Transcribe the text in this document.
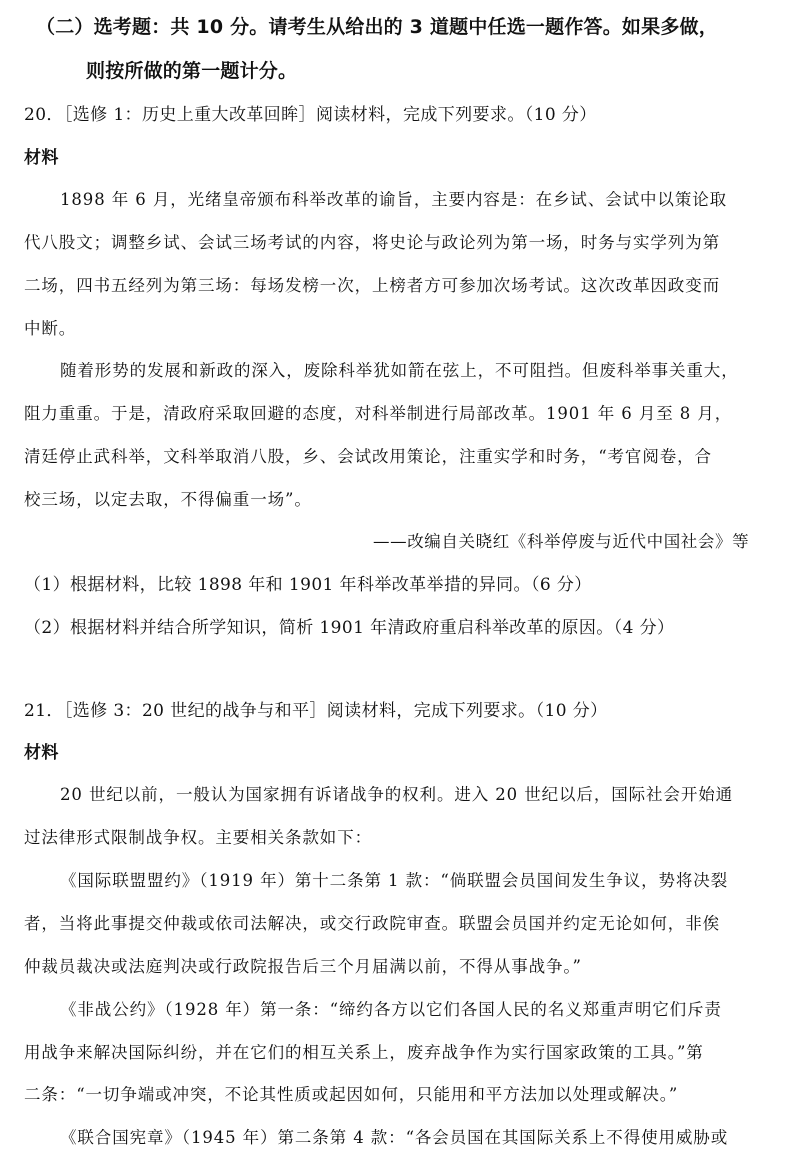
（二）选考题：共 10 分。请考生从给出的 3 道题中任选一题作答。如果多做，
则按所做的第一题计分。
20．［选修 1：历史上重大改革回眸］阅读材料，完成下列要求。（10 分）
材料
1898 年 6 月，光绪皇帝颁布科举改革的谕旨，主要内容是：在乡试、会试中以策论取
代八股文；调整乡试、会试三场考试的内容，将史论与政论列为第一场，时务与实学列为第
二场，四书五经列为第三场：每场发榜一次，上榜者方可参加次场考试。这次改革因政变而
中断。
随着形势的发展和新政的深入，废除科举犹如箭在弦上，不可阻挡。但废科举事关重大，
阻力重重。于是，清政府采取回避的态度，对科举制进行局部改革。1901 年 6 月至 8 月，
清廷停止武科举，文科举取消八股，乡、会试改用策论，注重实学和时务，“考官阅卷，合
校三场，以定去取，不得偏重一场”。
——改编自关晓红《科举停废与近代中国社会》等
（1）根据材料，比较 1898 年和 1901 年科举改革举措的异同。（6 分）
（2）根据材料并结合所学知识，简析 1901 年清政府重启科举改革的原因。（4 分）
21．［选修 3：20 世纪的战争与和平］阅读材料，完成下列要求。（10 分）
材料
20 世纪以前，一般认为国家拥有诉诸战争的权利。进入 20 世纪以后，国际社会开始通
过法律形式限制战争权。主要相关条款如下：
《国际联盟盟约》（1919 年）第十二条第 1 款：“倘联盟会员国间发生争议，势将决裂
者，当将此事提交仲裁或依司法解决，或交行政院审查。联盟会员国并约定无论如何，非俟
仲裁员裁决或法庭判决或行政院报告后三个月届满以前，不得从事战争。”
《非战公约》（1928 年）第一条：“缔约各方以它们各国人民的名义郑重声明它们斥责
用战争来解决国际纠纷，并在它们的相互关系上，废弃战争作为实行国家政策的工具。”第
二条：“一切争端或冲突，不论其性质或起因如何，只能用和平方法加以处理或解决。”
《联合国宪章》（1945 年）第二条第 4 款：“各会员国在其国际关系上不得使用威胁或
